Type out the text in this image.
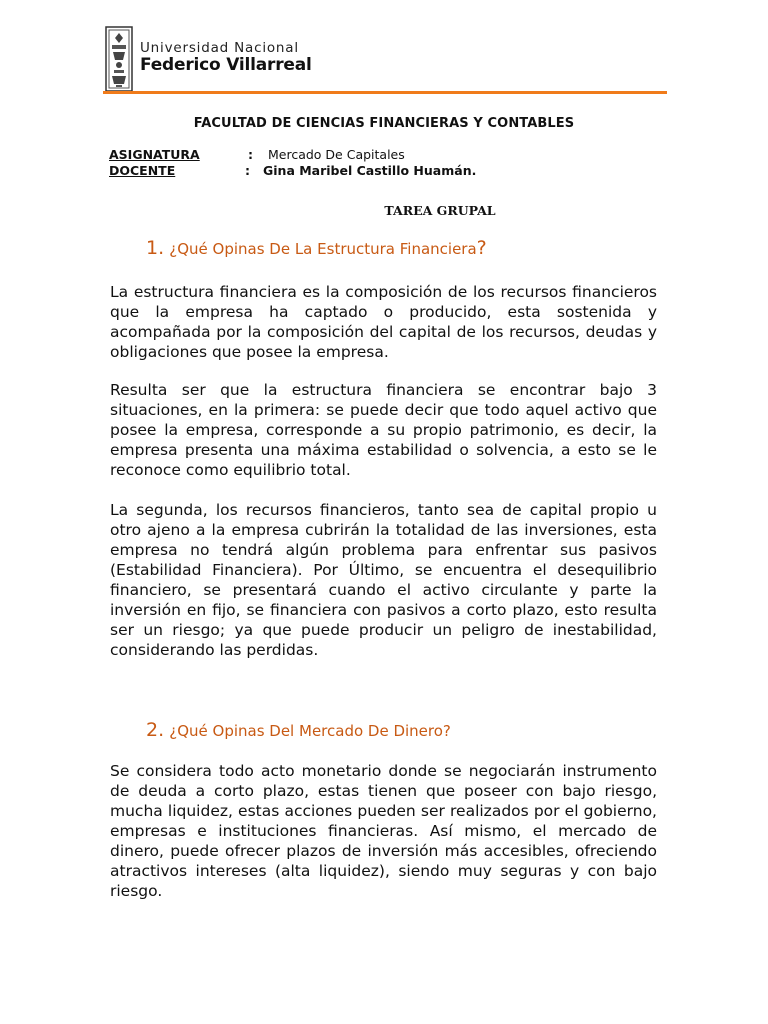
Universidad Nacional
Federico Villarreal
FACULTAD DE CIENCIAS FINANCIERAS Y CONTABLES
ASIGNATURA	: Mercado De Capitales
DOCENTE	: Gina Maribel Castillo Huamán.
TAREA GRUPAL
1. ¿Qué Opinas De La Estructura Financiera?

La estructura financiera es la composición de los recursos financieros que la empresa ha captado o producido, esta sostenida y acompañada por la composición del capital de los recursos, deudas y obligaciones que posee la empresa.

Resulta ser que la estructura financiera se encontrar bajo 3 situaciones, en la primera: se puede decir que todo aquel activo que posee la empresa, corresponde a su propio patrimonio, es decir, la empresa presenta una máxima estabilidad o solvencia, a esto se le reconoce como equilibrio total.

La segunda, los recursos financieros, tanto sea de capital propio u otro ajeno a la empresa cubrirán la totalidad de las inversiones, esta empresa no tendrá algún problema para enfrentar sus pasivos (Estabilidad Financiera). Por Último, se encuentra el desequilibrio financiero, se presentará cuando el activo circulante y parte la inversión en fijo, se financiera con pasivos a corto plazo, esto resulta ser un riesgo; ya que puede producir un peligro de inestabilidad, considerando las perdidas.

2. ¿Qué Opinas Del Mercado De Dinero?

Se considera todo acto monetario donde se negociarán instrumento de deuda a corto plazo, estas tienen que poseer con bajo riesgo, mucha liquidez, estas acciones pueden ser realizados por el gobierno, empresas e instituciones financieras. Así mismo, el mercado de dinero, puede ofrecer plazos de inversión más accesibles, ofreciendo atractivos intereses (alta liquidez), siendo muy seguras y con bajo riesgo.
